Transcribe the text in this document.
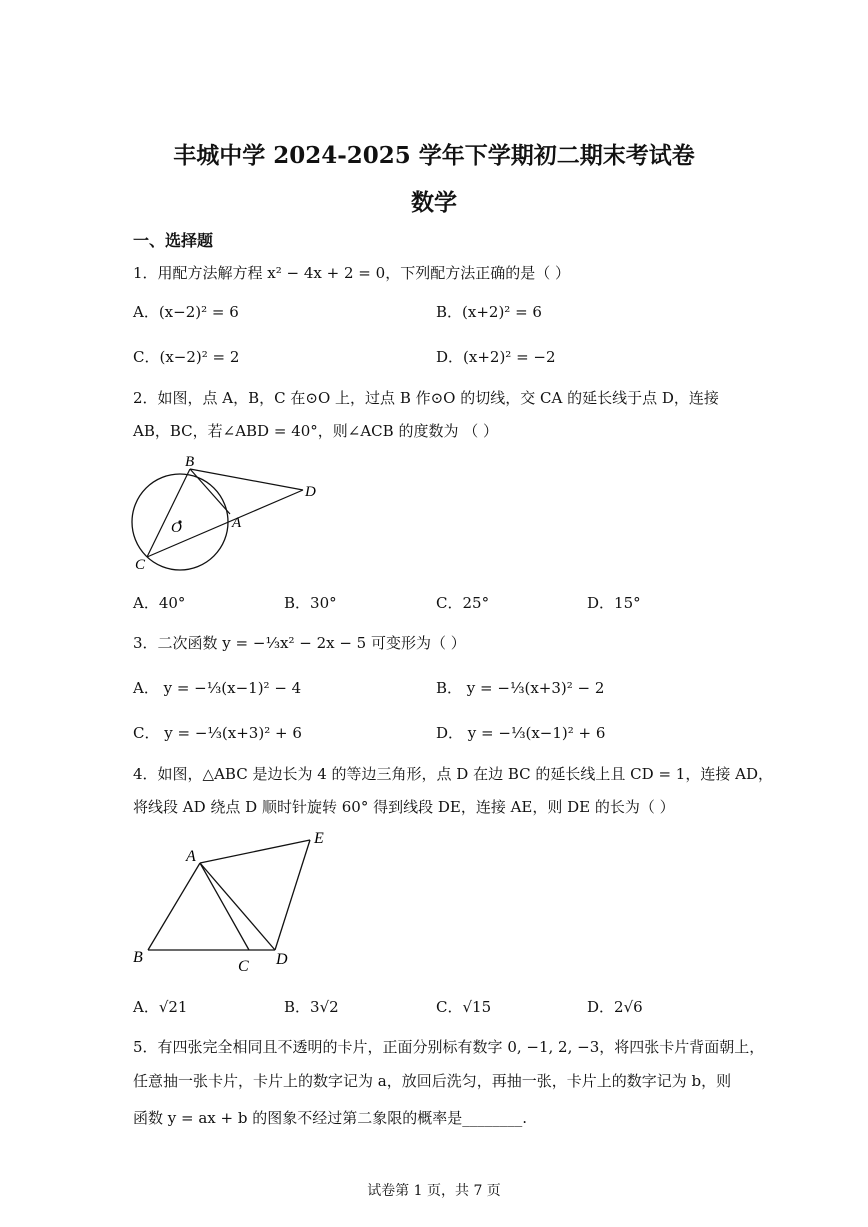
丰城中学 2024-2025 学年下学期初二期末考试卷
数学
一、选择题
1．用配方法解方程 x² − 4x + 2 = 0，下列配方法正确的是（ ）
A．(x−2)² = 6	B．(x+2)² = 6
C．(x−2)² = 2	D．(x+2)² = −2
2．如图，点 A，B，C 在⊙O 上，过点 B 作⊙O 的切线，交 CA 的延长线于点 D，连接
AB，BC，若∠ABD = 40°，则∠ACB 的度数为 （ ）
B
D
O	A
C
A．40°	B．30°	C．25°	D．15°
3．二次函数 y = −⅓x² − 2x − 5 可变形为（ ）
A． y = −⅓(x−1)² − 4	B． y = −⅓(x+3)² − 2
C． y = −⅓(x+3)² + 6	D． y = −⅓(x−1)² + 6
4．如图，△ABC 是边长为 4 的等边三角形，点 D 在边 BC 的延长线上且 CD = 1，连接 AD，
将线段 AD 绕点 D 顺时针旋转 60° 得到线段 DE，连接 AE，则 DE 的长为（ ）
A
B
C D
E
A．√21	B．3√2	C．√15	D．2√6
5．有四张完全相同且不透明的卡片，正面分别标有数字 0, −1, 2, −3，将四张卡片背面朝上，
任意抽一张卡片，卡片上的数字记为 a，放回后洗匀，再抽一张，卡片上的数字记为 b，则
函数 y = ax + b 的图象不经过第二象限的概率是________.
试卷第 1 页，共 7 页
